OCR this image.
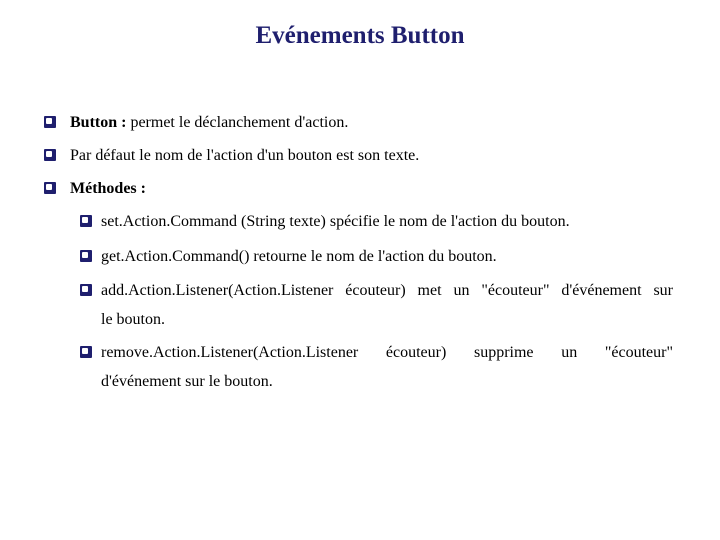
Evénements Button
Button : permet le déclanchement d'action.
Par défaut le nom de l'action d'un bouton est son texte.
Méthodes :
set.Action.Command (String texte) spécifie le nom de l'action du bouton.
get.Action.Command() retourne le nom de l'action du bouton.
add.Action.Listener(Action.Listener écouteur) met un "écouteur" d'événement sur
le bouton.
remove.Action.Listener(Action.Listener écouteur) supprime un "écouteur"
d'événement sur le bouton.
